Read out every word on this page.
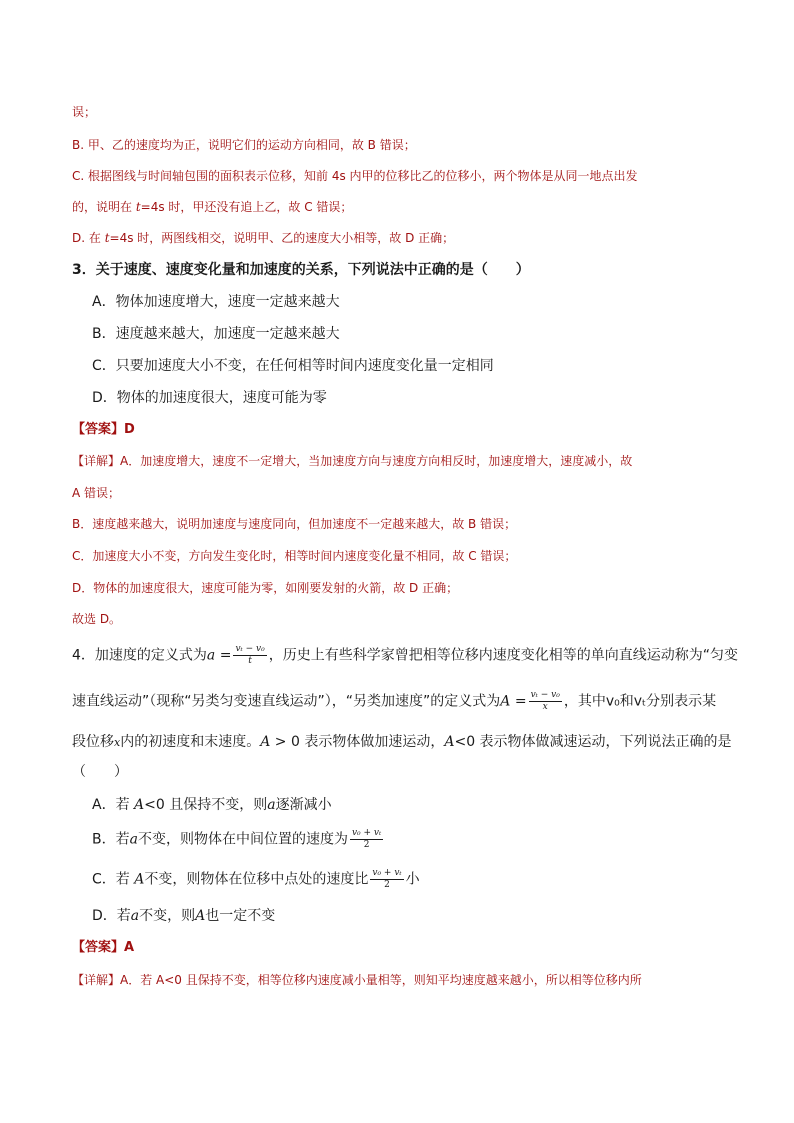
误；
B. 甲、乙的速度均为正，说明它们的运动方向相同，故 B 错误；
C. 根据图线与时间轴包围的面积表示位移，知前 4s 内甲的位移比乙的位移小，两个物体是从同一地点出发
的，说明在 t=4s 时，甲还没有追上乙，故 C 错误；
D. 在 t=4s 时，两图线相交，说明甲、乙的速度大小相等，故 D 正确；
3．关于速度、速度变化量和加速度的关系，下列说法中正确的是（　　）
A．物体加速度增大，速度一定越来越大
B．速度越来越大，加速度一定越来越大
C．只要加速度大小不变，在任何相等时间内速度变化量一定相同
D．物体的加速度很大，速度可能为零
【答案】D
【详解】A．加速度增大，速度不一定增大，当加速度方向与速度方向相反时，加速度增大，速度减小，故
A 错误；
B．速度越来越大，说明加速度与速度同向，但加速度不一定越来越大，故 B 错误；
C．加速度大小不变，方向发生变化时，相等时间内速度变化量不相同，故 C 错误；
D．物体的加速度很大，速度可能为零，如刚要发射的火箭，故 D 正确；
故选 D。
4．加速度的定义式为$a = \frac{\text{vₜ − v₀}}{t}$ ，历史上有些科学家曾把相等位移内速度变化相等的单向直线运动称为“匀变
速直线运动”（现称“另类匀变速直线运动”），“另类加速度”的定义式为$A = \frac{\text{vₜ − v₀}}{x}$ ，其中v₀和vₜ分别表示某
段位移x内的初速度和末速度。A > 0 表示物体做加速运动，A<0 表示物体做减速运动，下列说法正确的是
（　　）
A．若 A<0 且保持不变，则a逐渐减小
B．若a不变，则物体在中间位置的速度为 $\frac{\text{v₀ + vₜ}}{2}$
C．若 A不变，则物体在位移中点处的速度比 $\frac{\text{v₀ + vₜ}}{2}$ 小
D．若a不变，则A也一定不变
【答案】A
【详解】A．若 A<0 且保持不变，相等位移内速度减小量相等，则知平均速度越来越小，所以相等位移内所
